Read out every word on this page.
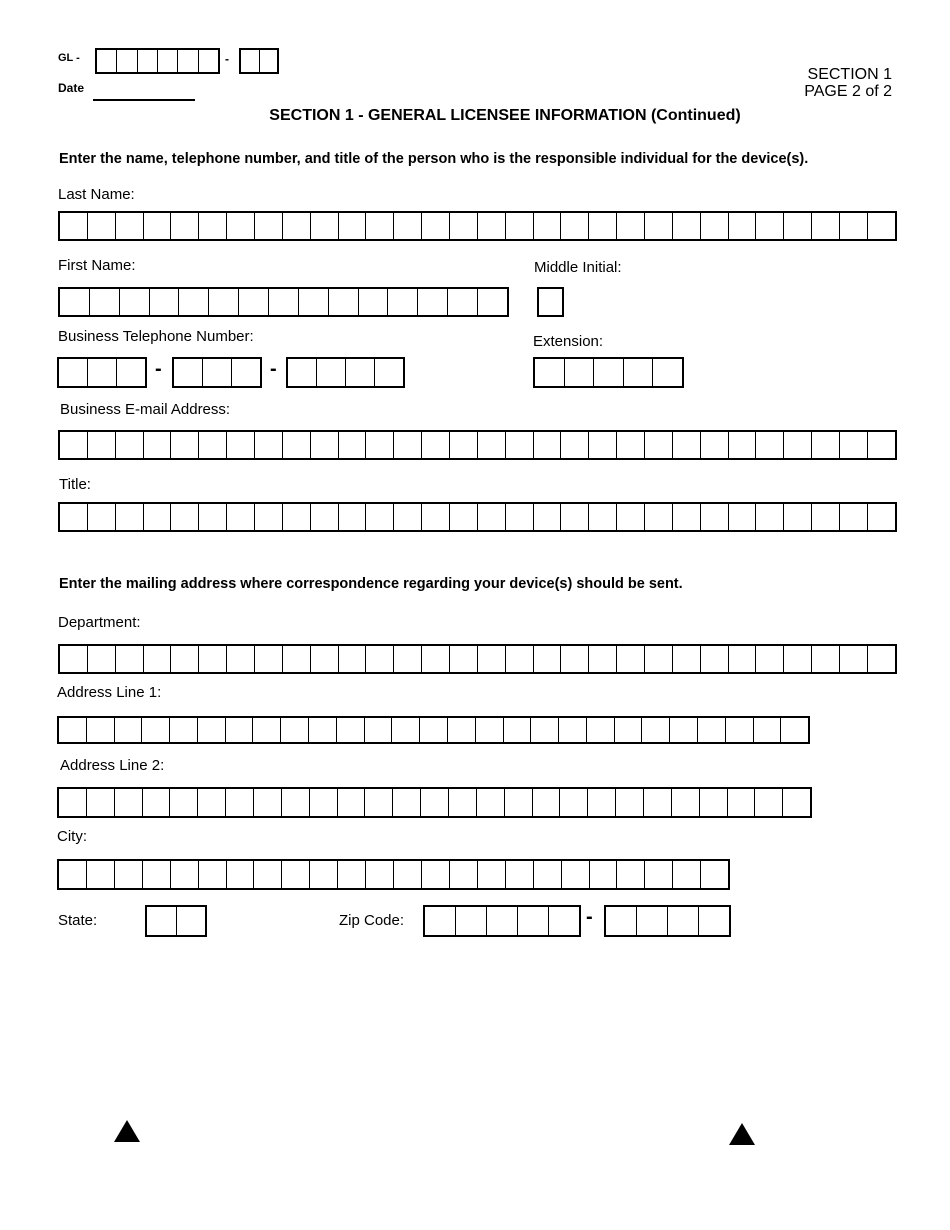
GL -	-
Date
SECTION 1
PAGE 2 of 2
SECTION 1 - GENERAL LICENSEE INFORMATION (Continued)
Enter the name, telephone number, and title of the person who is the responsible individual for the device(s).
Last Name:
First Name:	Middle Initial:
Business Telephone Number:
-	-
Extension:
Business E-mail Address:
Title:
Enter the mailing address where correspondence regarding your device(s) should be sent.
Department:
Address Line 1:
Address Line 2:
City:
State:	Zip Code:	-
